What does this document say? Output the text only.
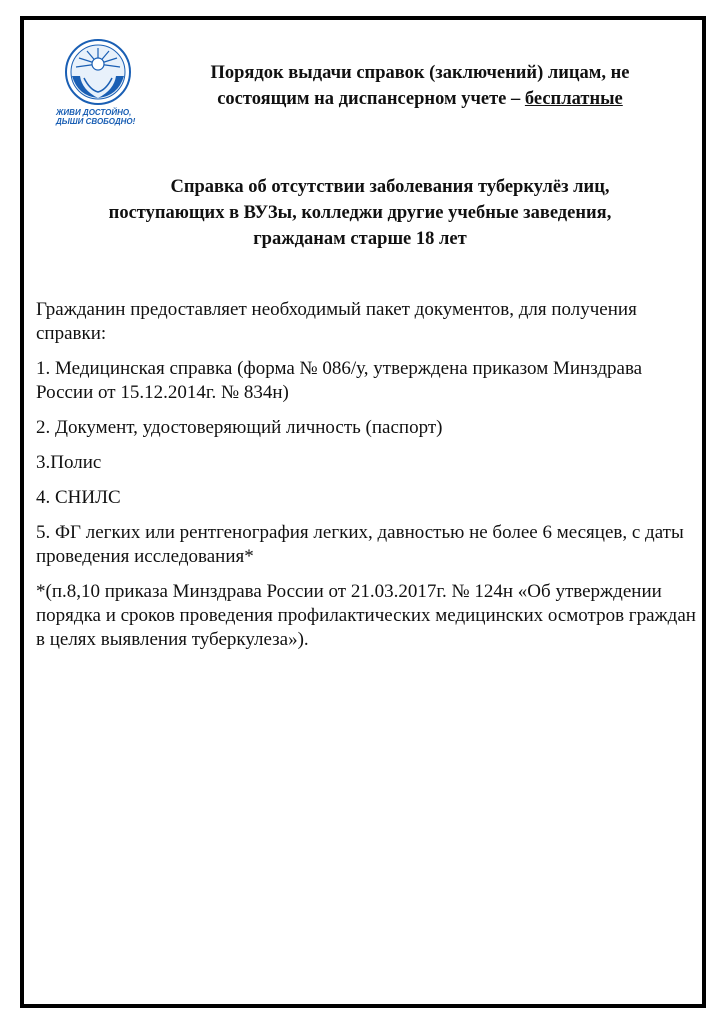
ЖИВИ ДОСТОЙНО,
ДЫШИ СВОБОДНО!
Порядок выдачи справок (заключений) лицам, не
состоящим на диспансерном учете – бесплатные
Справка об отсутствии заболевания туберкулёз лиц,
поступающих в ВУЗы, колледжи другие учебные заведения,
гражданам старше 18 лет

Гражданин предоставляет необходимый пакет документов, для получения справки:

1. Медицинская справка (форма № 086/у, утверждена приказом Минздрава России от 15.12.2014г. № 834н)

2. Документ, удостоверяющий личность (паспорт)

3.Полис

4. СНИЛС

5. ФГ легких или рентгенография легких, давностью не более 6 месяцев, с даты проведения исследования*

*(п.8,10 приказа Минздрава России от 21.03.2017г. № 124н «Об утверждении порядка и сроков проведения профилактических медицинских осмотров граждан в целях выявления туберкулеза»).
